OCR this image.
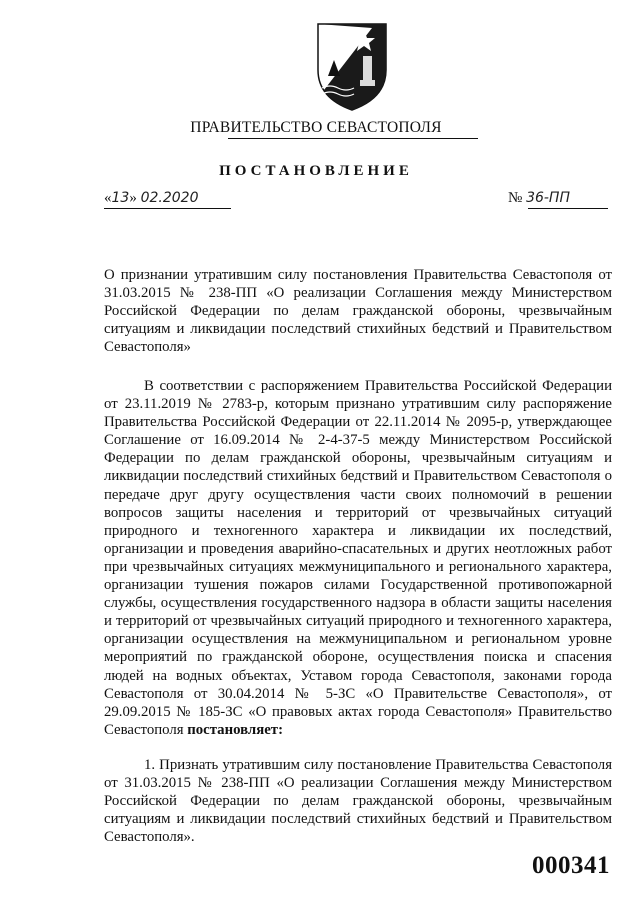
ПРАВИТЕЛЬСТВО СЕВАСТОПОЛЯ
ПОСТАНОВЛЕНИЕ
«13» 02.2020	№ 36-ПП

О признании утратившим силу постановления Правительства Севастополя от 31.03.2015 № 238-ПП «О реализации Соглашения между Министерством Российской Федерации по делам гражданской обороны, чрезвычайным ситуациям и ликвидации последствий стихийных бедствий и Правительством Севастополя»

В соответствии с распоряжением Правительства Российской Федерации от 23.11.2019 № 2783-р, которым признано утратившим силу распоряжение Правительства Российской Федерации от 22.11.2014 № 2095-р, утверждающее Соглашение от 16.09.2014 № 2-4-37-5 между Министерством Российской Федерации по делам гражданской обороны, чрезвычайным ситуациям и ликвидации последствий стихийных бедствий и Правительством Севастополя о передаче друг другу осуществления части своих полномочий в решении вопросов защиты населения и территорий от чрезвычайных ситуаций природного и техногенного характера и ликвидации их последствий, организации и проведения аварийно-спасательных и других неотложных работ при чрезвычайных ситуациях межмуниципального и регионального характера, организации тушения пожаров силами Государственной противопожарной службы, осуществления государственного надзора в области защиты населения и территорий от чрезвычайных ситуаций природного и техногенного характера, организации осуществления на межмуниципальном и региональном уровне мероприятий по гражданской обороне, осуществления поиска и спасения людей на водных объектах, Уставом города Севастополя, законами города Севастополя от 30.04.2014 № 5-ЗС «О Правительстве Севастополя», от 29.09.2015 № 185-ЗС «О правовых актах города Севастополя» Правительство Севастополя постановляет:

1. Признать утратившим силу постановление Правительства Севастополя от 31.03.2015 № 238-ПП «О реализации Соглашения между Министерством Российской Федерации по делам гражданской обороны, чрезвычайным ситуациям и ликвидации последствий стихийных бедствий и Правительством Севастополя».

000341
